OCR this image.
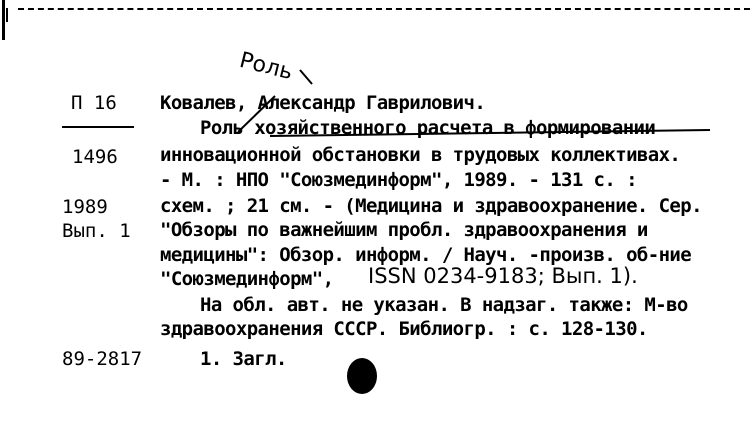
Роль
П 16
1496
1989
Вып. 1
89-2817
Ковалев, Александр Гаврилович.
Роль хозяйственного расчета в формировании
инновационной обстановки в трудовых коллективах.
- М. : НПО "Союзмединформ", 1989. - 131 с. :
схем. ; 21 см. - (Медицина и здравоохранение. Сер.
"Обзоры по важнейшим пробл. здравоохранения и
медицины": Обзор. информ. / Науч. -произв. об-ние
"Союзмединформ", ISSN 0234-9183; Вып. 1).
На обл. авт. не указан. В надзаг. также: М-во
здравоохранения СССР. Библиогр. : с. 128-130.
1. Загл.
